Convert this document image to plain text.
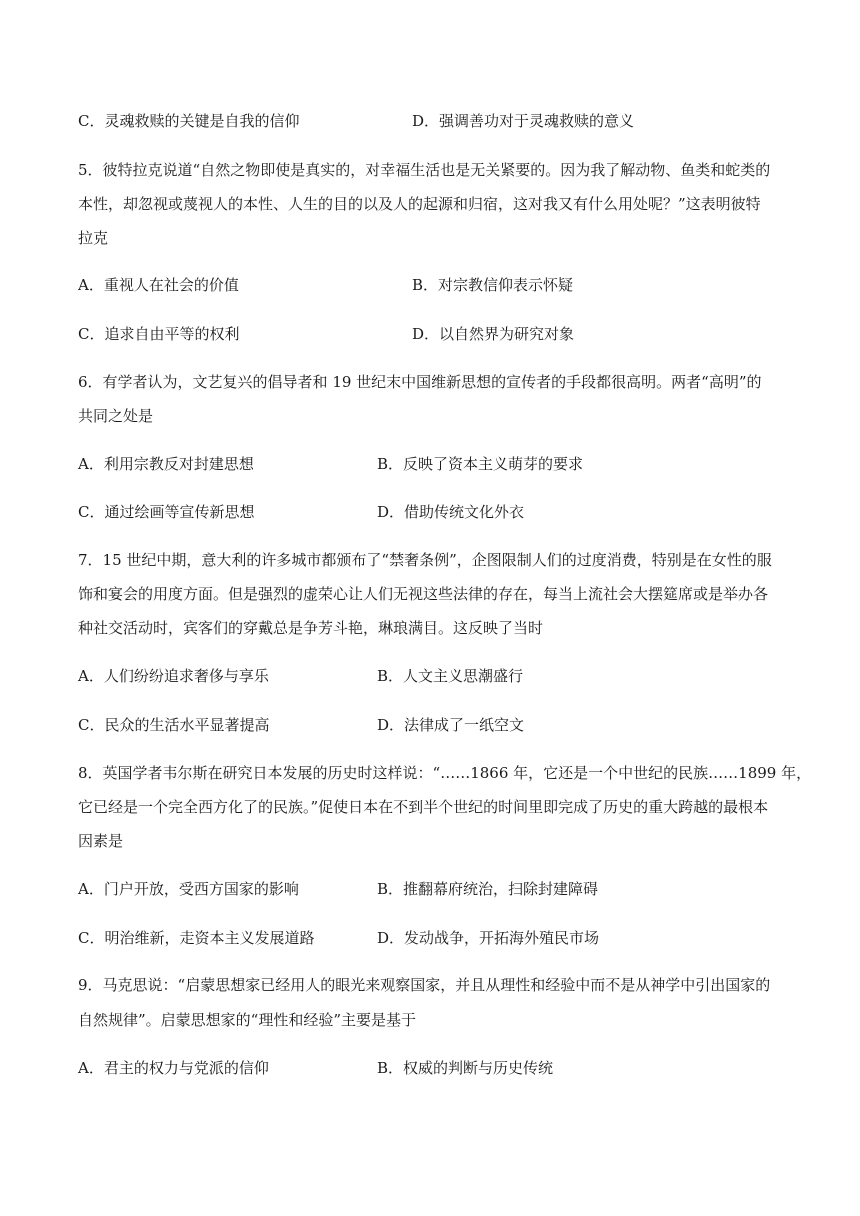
C．灵魂救赎的关键是自我的信仰	D．强调善功对于灵魂救赎的意义
5．彼特拉克说道“自然之物即使是真实的，对幸福生活也是无关紧要的。因为我了解动物、鱼类和蛇类的
本性，却忽视或蔑视人的本性、人生的目的以及人的起源和归宿，这对我又有什么用处呢？”这表明彼特
拉克
A．重视人在社会的价值	B．对宗教信仰表示怀疑
C．追求自由平等的权利	D．以自然界为研究对象
6．有学者认为，文艺复兴的倡导者和 19 世纪末中国维新思想的宣传者的手段都很高明。两者“高明”的
共同之处是
A．利用宗教反对封建思想	B．反映了资本主义萌芽的要求
C．通过绘画等宣传新思想	D．借助传统文化外衣
7．15 世纪中期，意大利的许多城市都颁布了“禁奢条例”，企图限制人们的过度消费，特别是在女性的服
饰和宴会的用度方面。但是强烈的虚荣心让人们无视这些法律的存在，每当上流社会大摆筵席或是举办各
种社交活动时，宾客们的穿戴总是争芳斗艳，琳琅满目。这反映了当时
A．人们纷纷追求奢侈与享乐	B．人文主义思潮盛行
C．民众的生活水平显著提高	D．法律成了一纸空文
8．英国学者韦尔斯在研究日本发展的历史时这样说：“……1866 年，它还是一个中世纪的民族……1899 年，
它已经是一个完全西方化了的民族。”促使日本在不到半个世纪的时间里即完成了历史的重大跨越的最根本
因素是
A．门户开放，受西方国家的影响	B．推翻幕府统治，扫除封建障碍
C．明治维新，走资本主义发展道路	D．发动战争，开拓海外殖民市场
9．马克思说：“启蒙思想家已经用人的眼光来观察国家，并且从理性和经验中而不是从神学中引出国家的
自然规律”。启蒙思想家的“理性和经验”主要是基于
A．君主的权力与党派的信仰	B．权威的判断与历史传统
